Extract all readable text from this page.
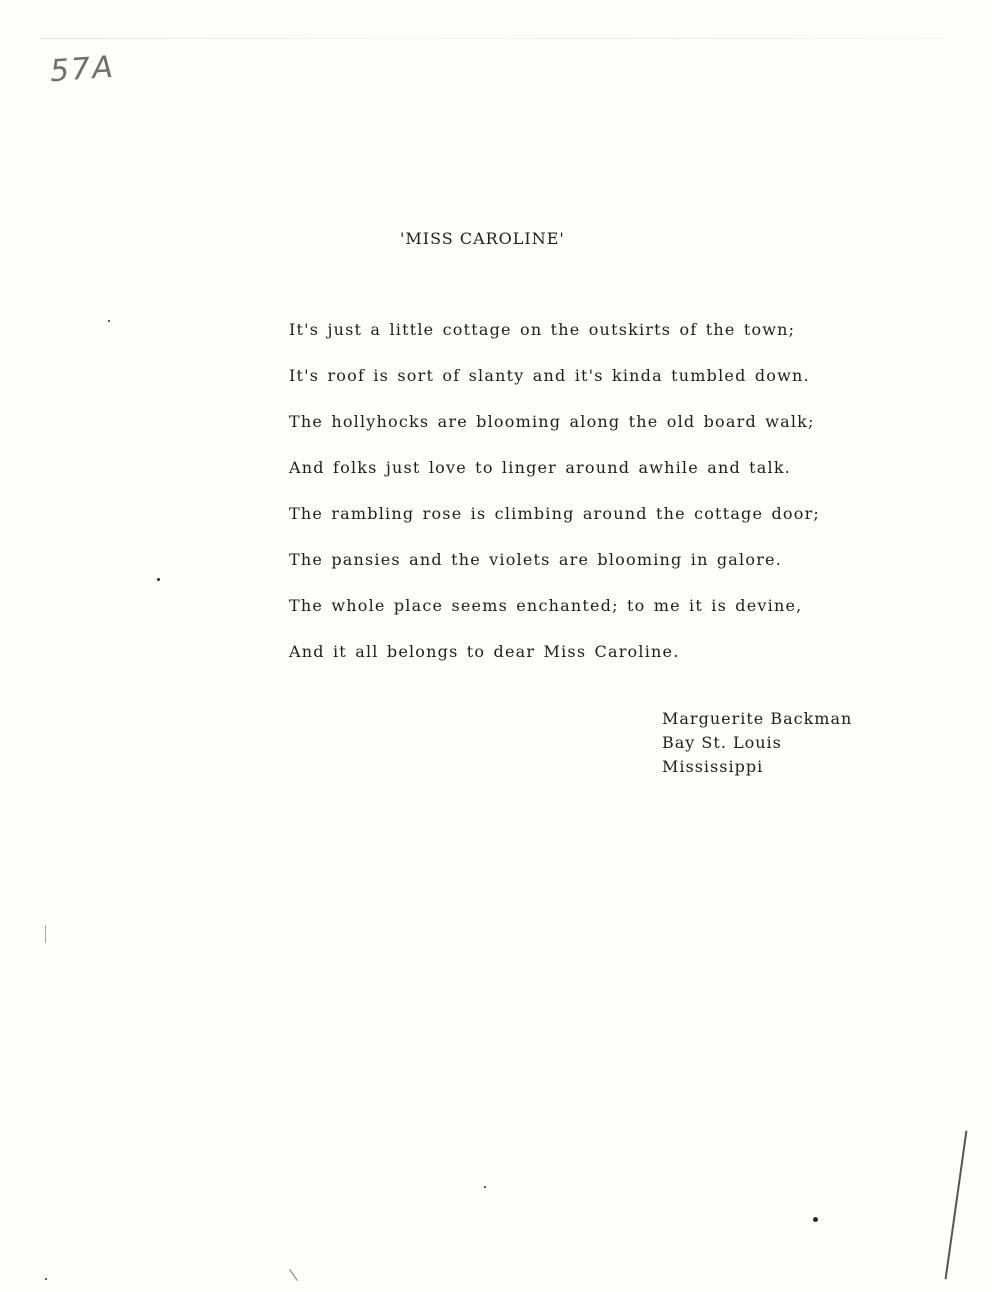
57A
'MISS CAROLINE'
It's just a little cottage on the outskirts of the town;
It's roof is sort of slanty and it's kinda tumbled down.
The hollyhocks are blooming along the old board walk;
And folks just love to linger around awhile and talk.
The rambling rose is climbing around the cottage door;
The pansies and the violets are blooming in galore.
The whole place seems enchanted; to me it is devine,
And it all belongs to dear Miss Caroline.
Marguerite Backman
Bay St. Louis
Mississippi
